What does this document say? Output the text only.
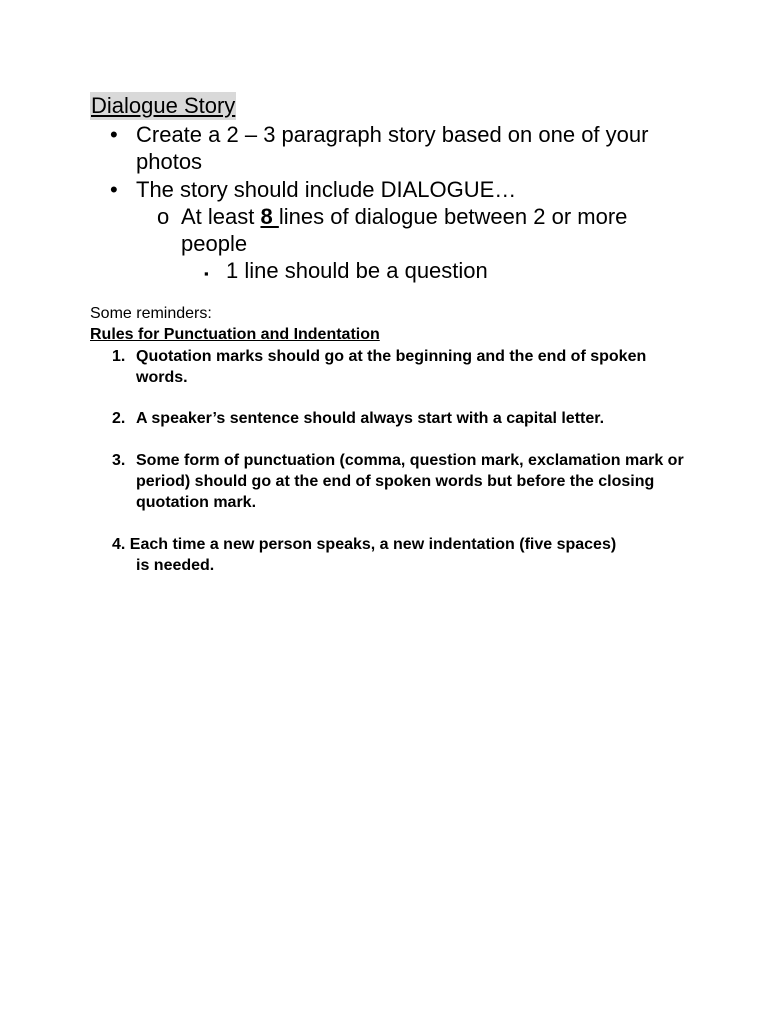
Dialogue Story
• Create a 2 – 3 paragraph story based on one of your photos
• The story should include DIALOGUE…
o At least 8 lines of dialogue between 2 or more people
▪ 1 line should be a question
Some reminders:
Rules for Punctuation and Indentation
1. Quotation marks should go at the beginning and the end of spoken words.
2. A speaker’s sentence should always start with a capital letter.
3. Some form of punctuation (comma, question mark, exclamation mark or period) should go at the end of spoken words but before the closing quotation mark.
4. Each time a new person speaks, a new indentation (five spaces)
is needed.
